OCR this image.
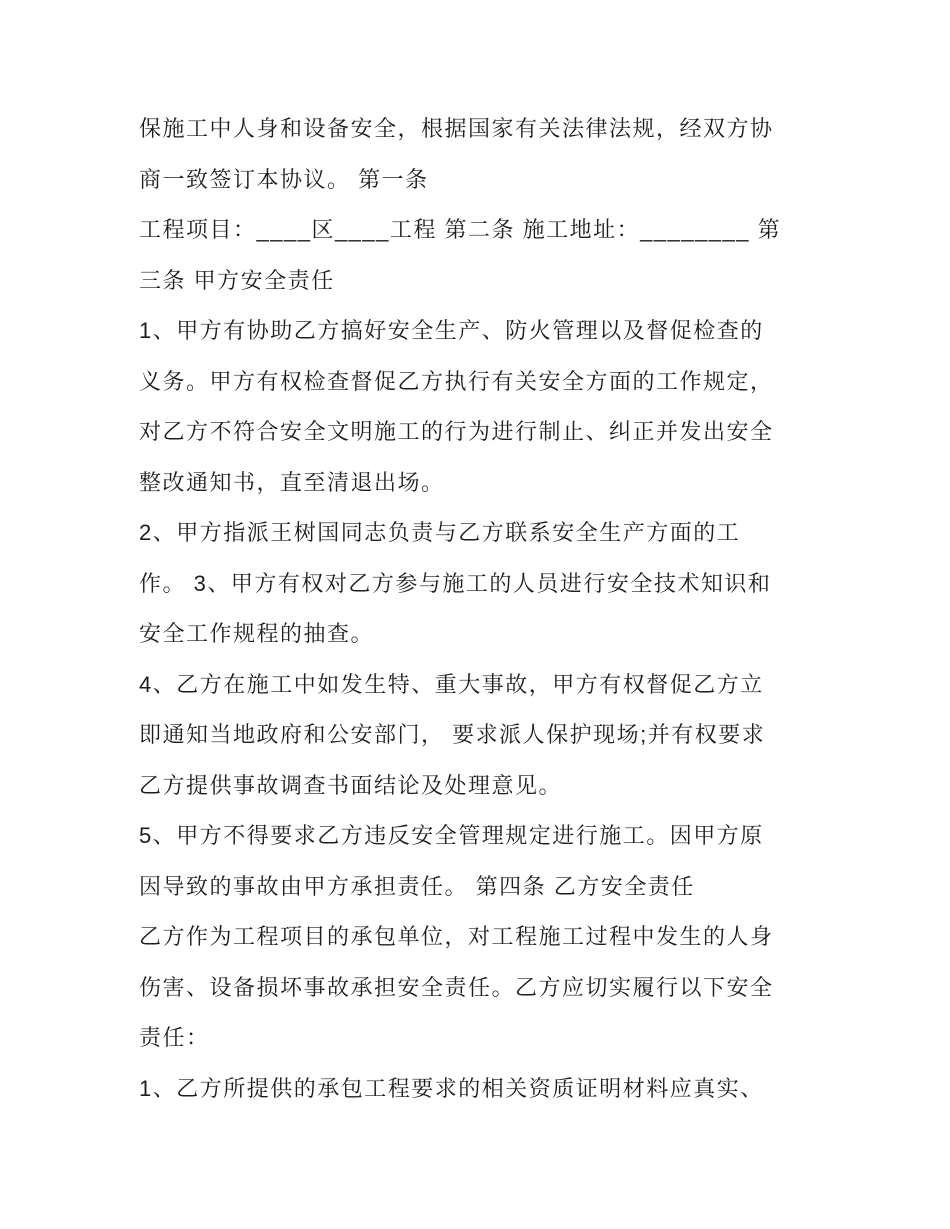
保施工中人身和设备安全，根据国家有关法律法规，经双方协

商一致签订本协议。 第一条

工程项目：____区____工程 第二条 施工地址：________ 第

三条 甲方安全责任

1、甲方有协助乙方搞好安全生产、防火管理以及督促检查的

义务。甲方有权检查督促乙方执行有关安全方面的工作规定，

对乙方不符合安全文明施工的行为进行制止、纠正并发出安全

整改通知书，直至清退出场。

2、甲方指派王树国同志负责与乙方联系安全生产方面的工

作。 3、甲方有权对乙方参与施工的人员进行安全技术知识和

安全工作规程的抽查。

4、乙方在施工中如发生特、重大事故，甲方有权督促乙方立

即通知当地政府和公安部门， 要求派人保护现场;并有权要求

乙方提供事故调查书面结论及处理意见。

5、甲方不得要求乙方违反安全管理规定进行施工。因甲方原

因导致的事故由甲方承担责任。 第四条 乙方安全责任

乙方作为工程项目的承包单位，对工程施工过程中发生的人身

伤害、设备损坏事故承担安全责任。乙方应切实履行以下安全

责任：

1、乙方所提供的承包工程要求的相关资质证明材料应真实、
